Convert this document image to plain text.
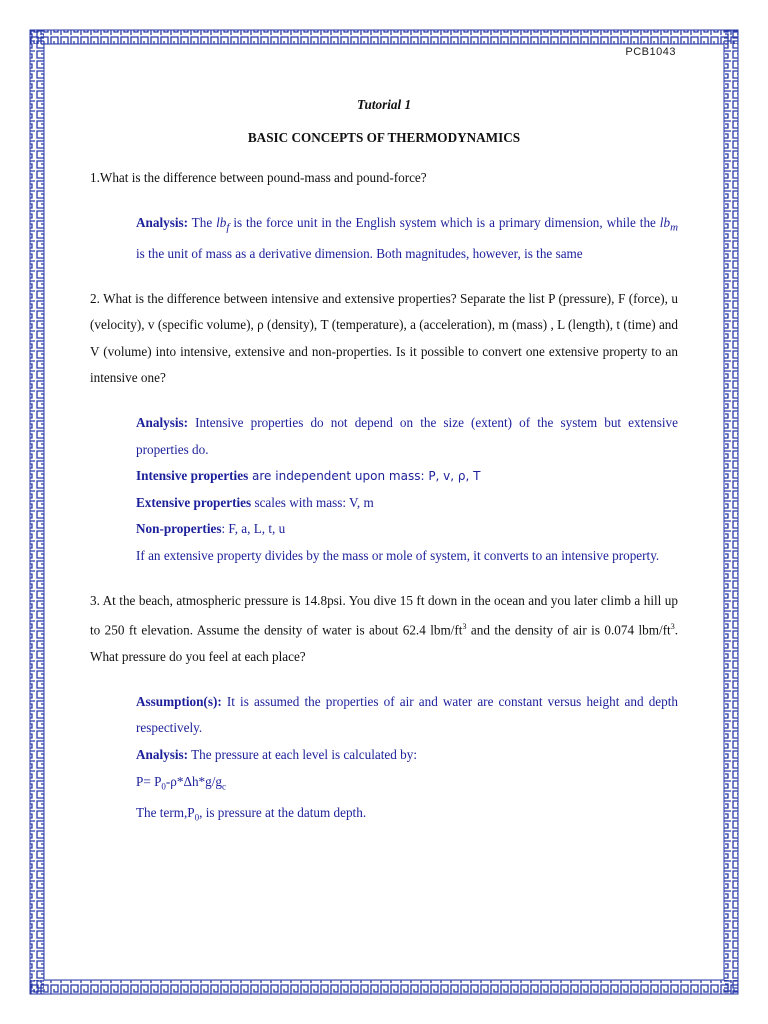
PCB1043

Tutorial 1

BASIC CONCEPTS OF THERMODYNAMICS

1.What is the difference between pound-mass and pound-force?

Analysis: The $lb_f$ is the force unit in the English system which is a primary dimension, while the $lb_m$ is the unit of mass as a derivative dimension. Both magnitudes, however, is the same

2. What is the difference between intensive and extensive properties? Separate the list P (pressure), F (force), u (velocity), v (specific volume), ρ (density), T (temperature), a (acceleration), m (mass) , L (length), t (time) and V (volume) into intensive, extensive and non-properties. Is it possible to convert one extensive property to an intensive one?

Analysis: Intensive properties do not depend on the size (extent) of the system but extensive properties do.

Intensive properties are independent upon mass: P, v, ρ, T

Extensive properties scales with mass: V, m

Non-properties: F, a, L, t, u

If an extensive property divides by the mass or mole of system, it converts to an intensive property.

3. At the beach, atmospheric pressure is 14.8psi. You dive 15 ft down in the ocean and you later climb a hill up to 250 ft elevation. Assume the density of water is about 62.4 lbm/$ft^3$ and the density of air is 0.074 lbm/$ft^3$. What pressure do you feel at each place?

Assumption(s): It is assumed the properties of air and water are constant versus height and depth respectively.

Analysis: The pressure at each level is calculated by:

$P= P_0-\rho*\Delta h*g/g_c$

The $term,P_0$, is pressure at the datum depth.
